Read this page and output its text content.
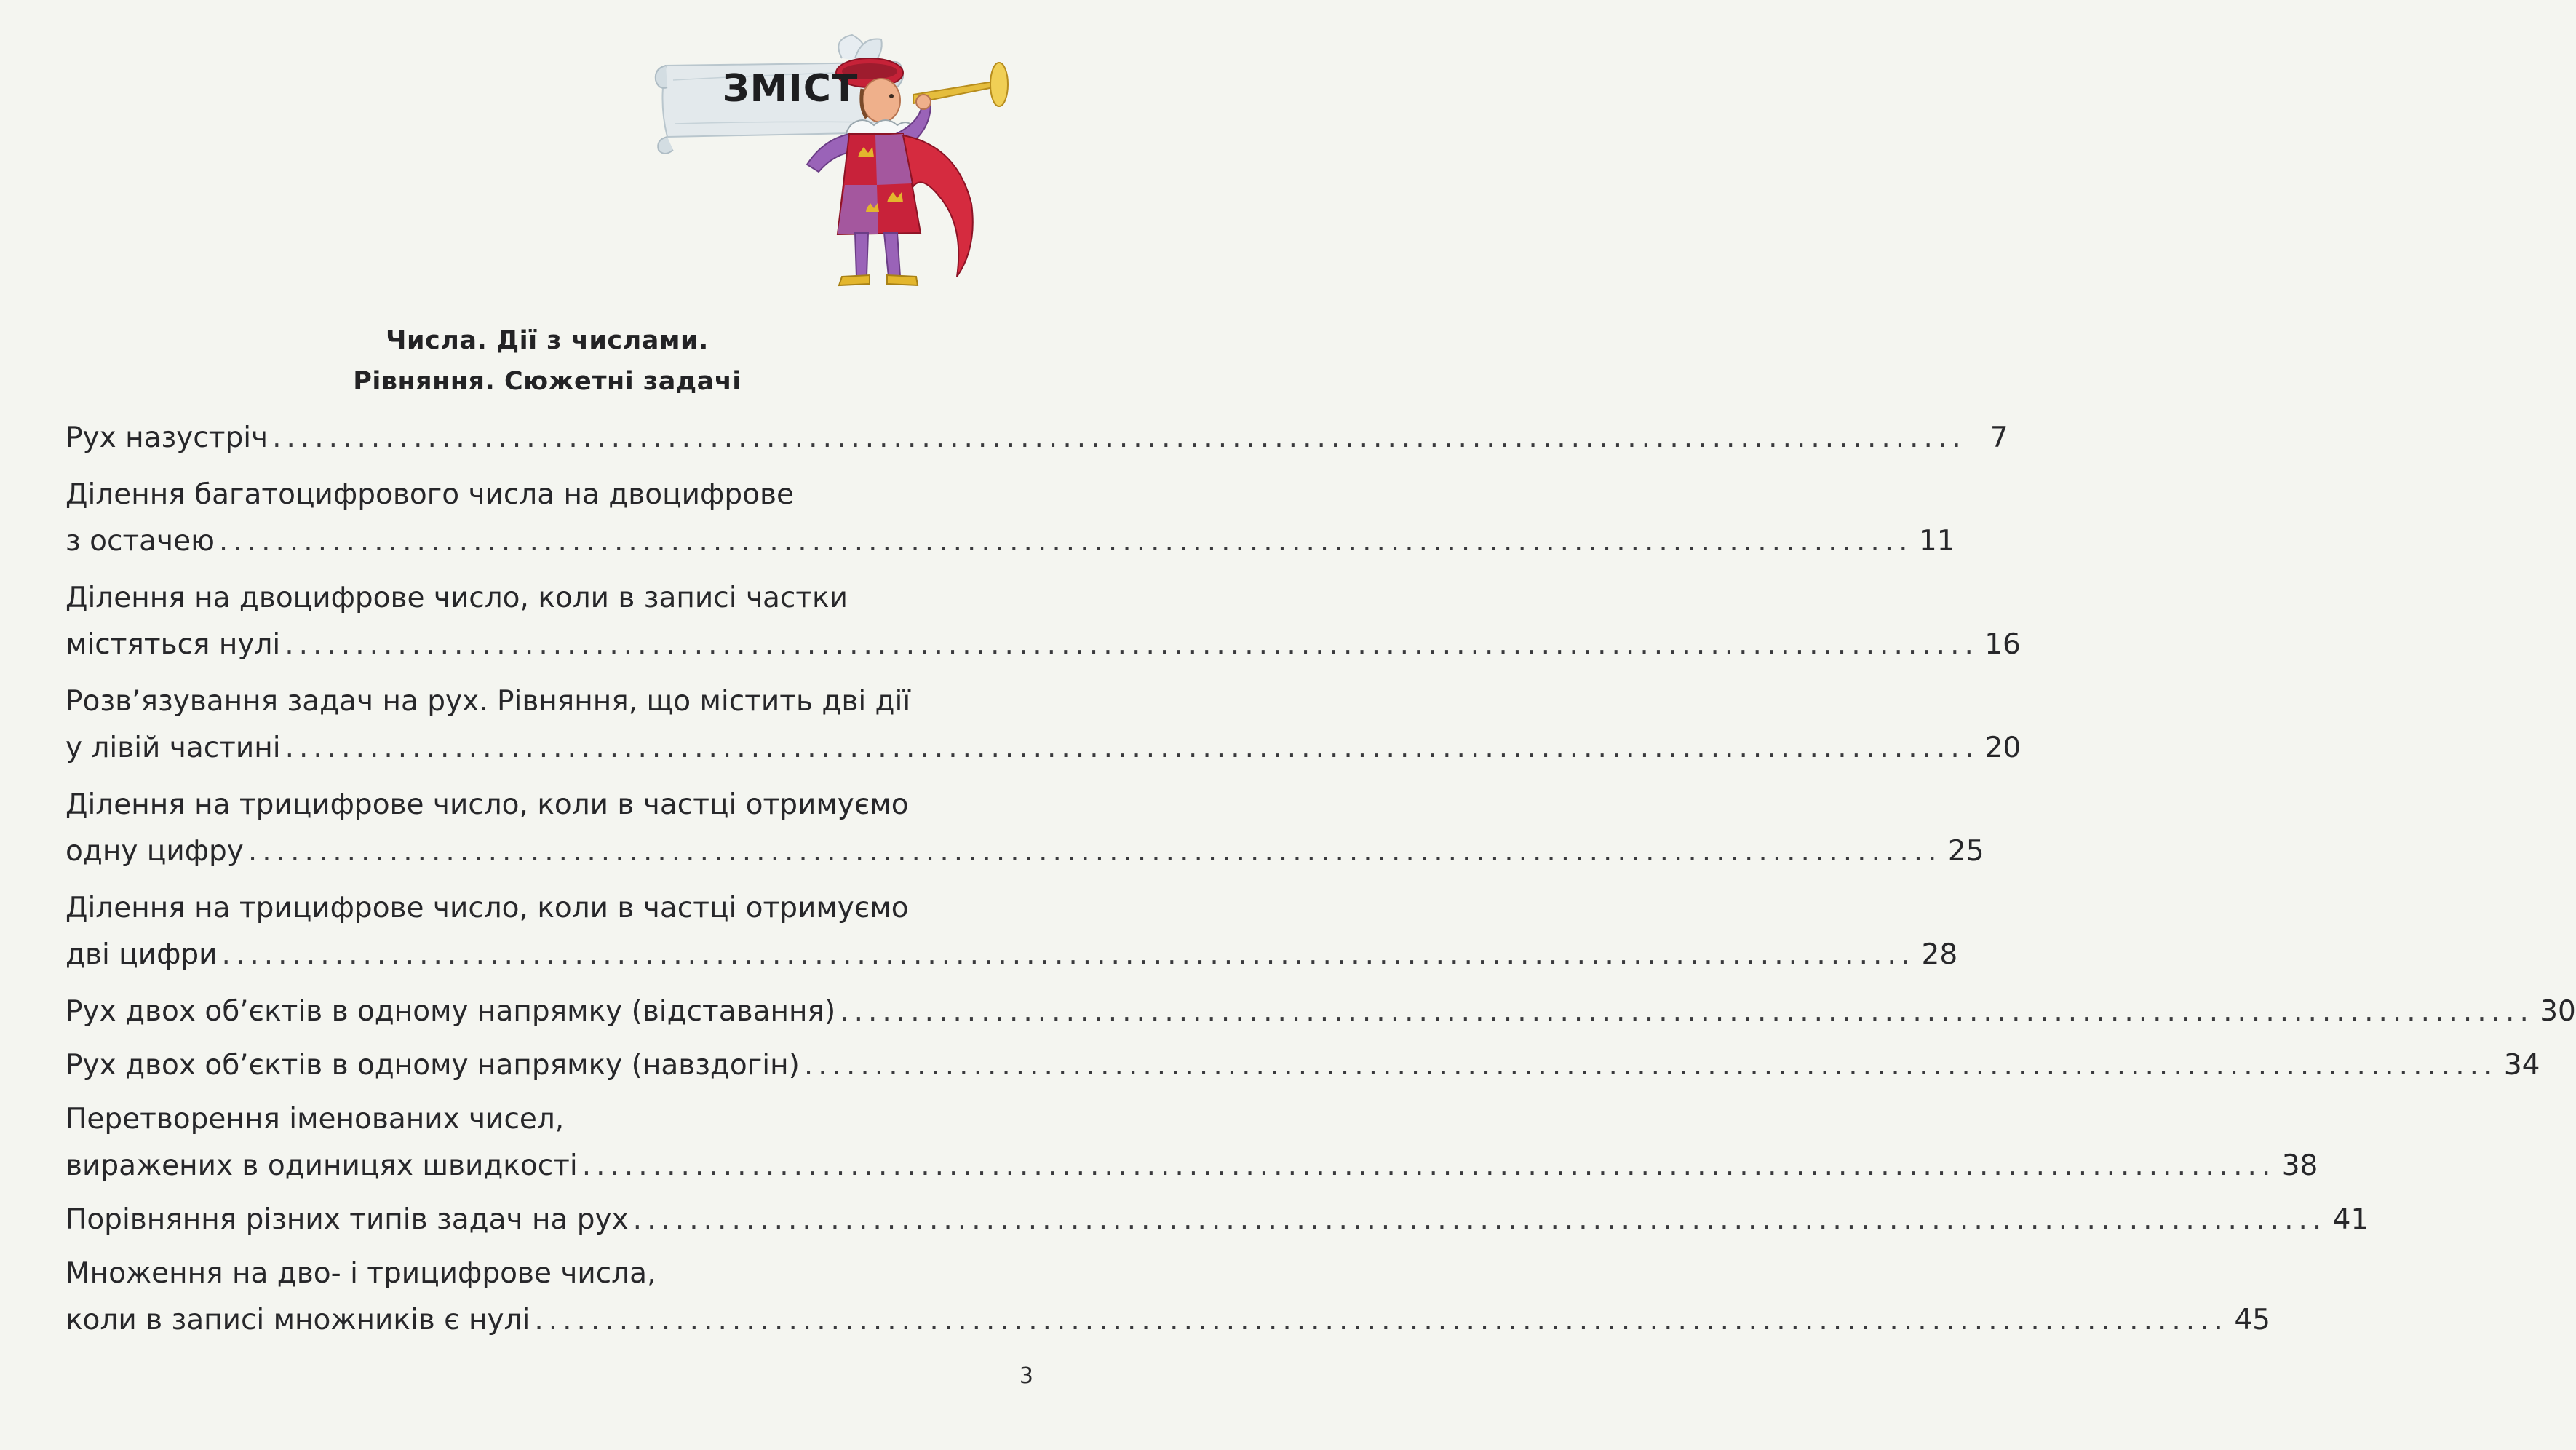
ЗМІСТ
Числа. Дії з числами.
Рівняння. Сюжетні задачі
Рух назустріч ........................................................................................................................ 7
Ділення багатоцифрового числа на двоцифрове
з остачею ........................................................................................................................ 11
Ділення на двоцифрове число, коли в записі частки
містяться нулі ........................................................................................................................ 16
Розв’язування задач на рух. Рівняння, що містить дві дії
у лівій частині ........................................................................................................................ 20
Ділення на трицифрове число, коли в частці отримуємо
одну цифру ........................................................................................................................ 25
Ділення на трицифрове число, коли в частці отримуємо
дві цифри ........................................................................................................................ 28
Рух двох об’єктів в одному напрямку (відставання) ........................................................................................................................ 30
Рух двох об’єктів в одному напрямку (навздогін) ........................................................................................................................ 34
Перетворення іменованих чисел,
виражених в одиницях швидкості ........................................................................................................................ 38
Порівняння різних типів задач на рух ........................................................................................................................ 41
Множення на дво- і трицифрове числа,
коли в записі множників є нулі ........................................................................................................................ 45
3
